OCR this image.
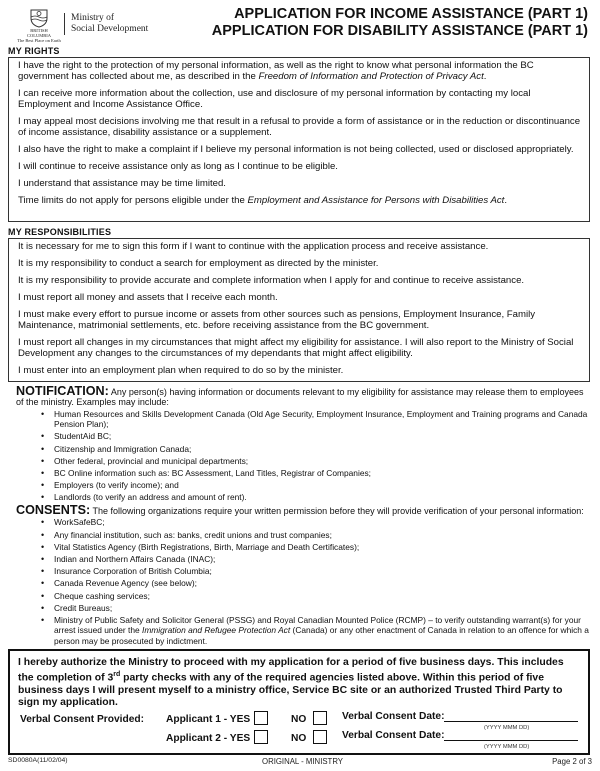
BRITISH
COLUMBIA
The Best Place on Earth
Ministry of
Social Development
APPLICATION FOR INCOME ASSISTANCE (PART 1)
APPLICATION FOR DISABILITY ASSISTANCE (PART 1)
MY RIGHTS

I have the right to the protection of my personal information, as well as the right to know what personal information the BC government has collected about me, as described in the Freedom of Information and Protection of Privacy Act.

I can receive more information about the collection, use and disclosure of my personal information by contacting my local Employment and Income Assistance Office.

I may appeal most decisions involving me that result in a refusal to provide a form of assistance or in the reduction or discontinuance of income assistance, disability assistance or a supplement.

I also have the right to make a complaint if I believe my personal information is not being collected, used or disclosed appropriately.

I will continue to receive assistance only as long as I continue to be eligible.

I understand that assistance may be time limited.

Time limits do not apply for persons eligible under the Employment and Assistance for Persons with Disabilities Act.

MY RESPONSIBILITIES

It is necessary for me to sign this form if I want to continue with the application process and receive assistance.

It is my responsibility to conduct a search for employment as directed by the minister.

It is my responsibility to provide accurate and complete information when I apply for and continue to receive assistance.

I must report all money and assets that I receive each month.

I must make every effort to pursue income or assets from other sources such as pensions, Employment Insurance, Family Maintenance, matrimonial settlements, etc. before receiving assistance from the BC government.

I must report all changes in my circumstances that might affect my eligibility for assistance. I will also report to the Ministry of Social Development any changes to the circumstances of my dependants that might affect eligibility.

I must enter into an employment plan when required to do so by the minister.

NOTIFICATION: Any person(s) having information or documents relevant to my eligibility for assistance may release them to employees of the ministry. Examples may include:
• Human Resources and Skills Development Canada (Old Age Security, Employment Insurance, Employment and Training programs and Canada Pension Plan);
• StudentAid BC;
• Citizenship and Immigration Canada;
• Other federal, provincial and municipal departments;
• BC Online information such as: BC Assessment, Land Titles, Registrar of Companies;
• Employers (to verify income); and
• Landlords (to verify an address and amount of rent).
CONSENTS: The following organizations require your written permission before they will provide verification of your personal information:
• WorkSafeBC;
• Any financial institution, such as: banks, credit unions and trust companies;
• Vital Statistics Agency (Birth Registrations, Birth, Marriage and Death Certificates);
• Indian and Northern Affairs Canada (INAC);
• Insurance Corporation of British Columbia;
• Canada Revenue Agency (see below);
• Cheque cashing services;
• Credit Bureaus;
• Ministry of Public Safety and Solicitor General (PSSG) and Royal Canadian Mounted Police (RCMP) – to verify outstanding warrant(s) for your arrest issued under the Immigration and Refugee Protection Act (Canada) or any other enactment of Canada in relation to an offence for which a person may be prosecuted by indictment.
I hereby authorize the Ministry to proceed with my application for a period of five business days. This includes the completion of 3rd party checks with any of the required agencies listed above. Within this period of five business days I will present myself to a ministry office, Service BC site or an authorized Trusted Third Party to sign my application.
Verbal Consent Provided: Applicant 1 - YES	NO	Verbal Consent Date:
(YYYY MMM DD)
Applicant 2 - YES	NO	Verbal Consent Date:
(YYYY MMM DD)
SD0080A(11/02/04)	ORIGINAL - MINISTRY	Page 2 of 3
